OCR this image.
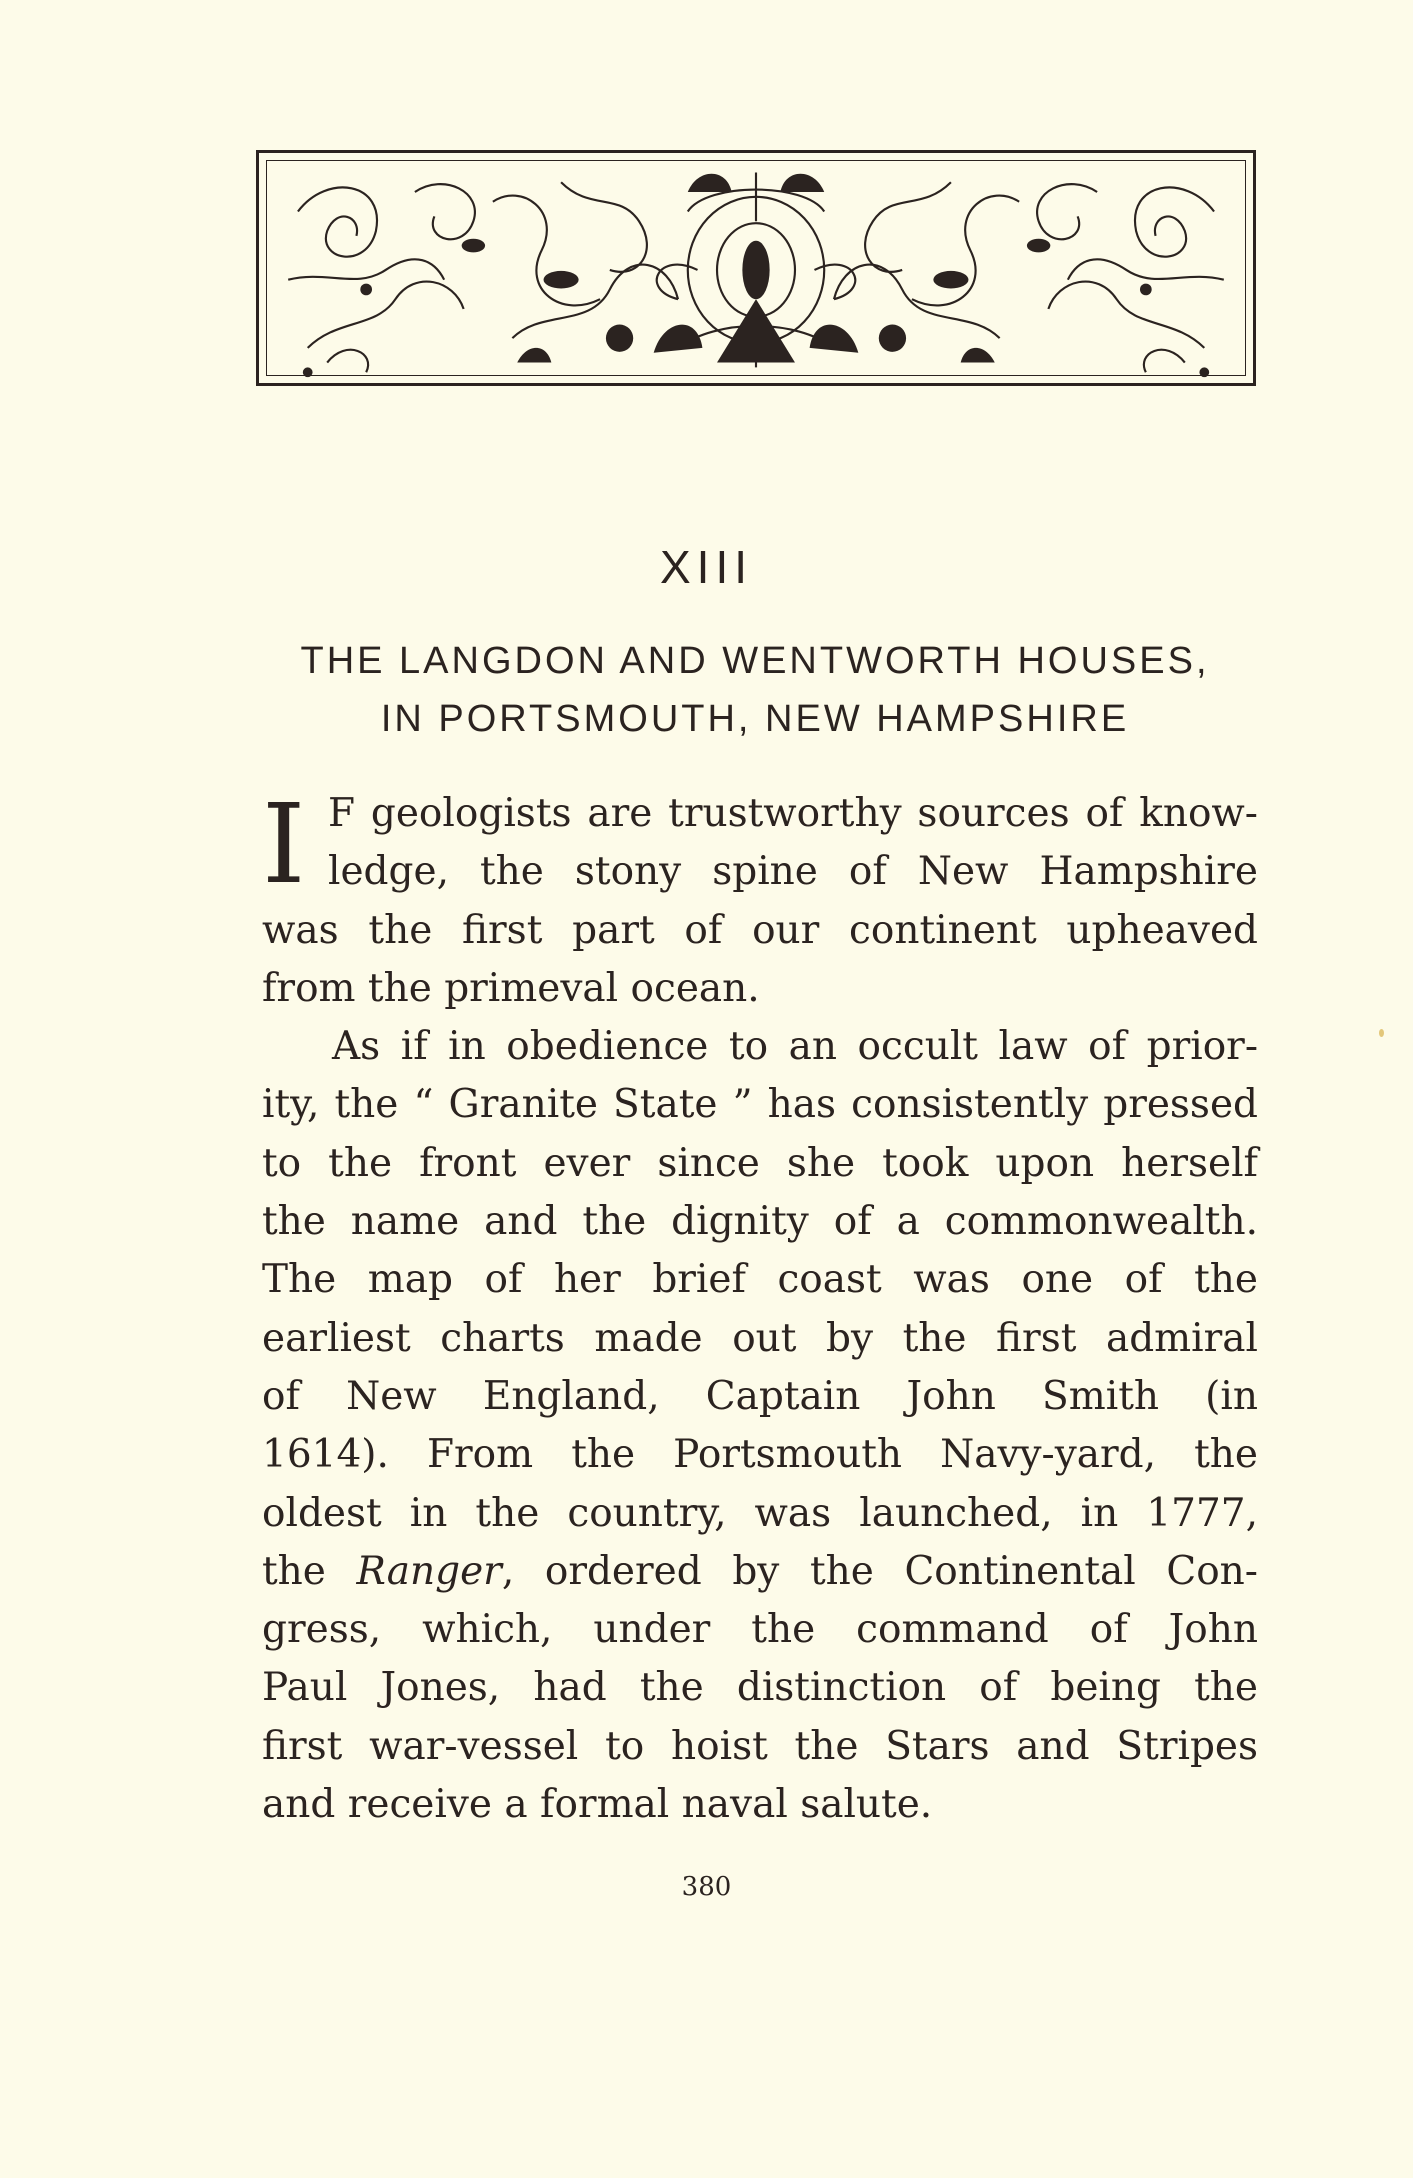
XIII
THE LANGDON AND WENTWORTH HOUSES,
IN PORTSMOUTH, NEW HAMPSHIRE
I F geologists are trustworthy sources of know-
ledge, the stony spine of New Hampshire
was the first part of our continent upheaved
from the primeval ocean.
As if in obedience to an occult law of prior-
ity, the “ Granite State ” has consistently pressed
to the front ever since she took upon herself
the name and the dignity of a commonwealth.
The map of her brief coast was one of the
earliest charts made out by the first admiral
of New England, Captain John Smith (in
1614). From the Portsmouth Navy-yard, the
oldest in the country, was launched, in 1777,
the Ranger, ordered by the Continental Con-
gress, which, under the command of John
Paul Jones, had the distinction of being the
first war-vessel to hoist the Stars and Stripes
and receive a formal naval salute.
380
